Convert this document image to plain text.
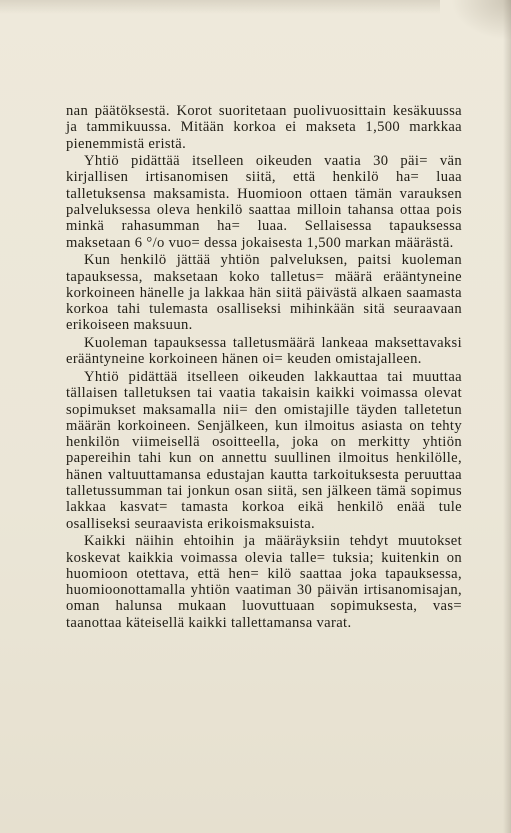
nan päätöksestä. Korot suoritetaan puolivuosittain kesäkuussa ja tammikuussa. Mitään korkoa ei makseta 1,500 markkaa pienemmistä eristä.

Yhtiö pidättää itselleen oikeuden vaatia 30 päi= vän kirjallisen irtisanomisen siitä, että henkilö ha= luaa talletuksensa maksamista. Huomioon ottaen tämän varauksen palveluksessa oleva henkilö saattaa milloin tahansa ottaa pois minkä rahasumman ha= luaa. Sellaisessa tapauksessa maksetaan 6 °/o vuo= dessa jokaisesta 1,500 markan määrästä.

Kun henkilö jättää yhtiön palveluksen, paitsi kuoleman tapauksessa, maksetaan koko talletus= määrä erääntyneine korkoineen hänelle ja lakkaa hän siitä päivästä alkaen saamasta korkoa tahi tulemasta osalliseksi mihinkään sitä seuraavaan erikoiseen maksuun.

Kuoleman tapauksessa talletusmäärä lankeaa maksettavaksi erääntyneine korkoineen hänen oi= keuden omistajalleen.

Yhtiö pidättää itselleen oikeuden lakkauttaa tai muuttaa tällaisen talletuksen tai vaatia takaisin kaikki voimassa olevat sopimukset maksamalla nii= den omistajille täyden talletetun määrän korkoineen. Senjälkeen, kun ilmoitus asiasta on tehty henkilön viimeisellä osoitteella, joka on merkitty yhtiön papereihin tahi kun on annettu suullinen ilmoitus henkilölle, hänen valtuuttamansa edustajan kautta tarkoituksesta peruuttaa talletussumman tai jonkun osan siitä, sen jälkeen tämä sopimus lakkaa kasvat= tamasta korkoa eikä henkilö enää tule osalliseksi seuraavista erikoismaksuista.

Kaikki näihin ehtoihin ja määräyksiin tehdyt muutokset koskevat kaikkia voimassa olevia talle= tuksia; kuitenkin on huomioon otettava, että hen= kilö saattaa joka tapauksessa, huomioonottamalla yhtiön vaatiman 30 päivän irtisanomisajan, oman halunsa mukaan luovuttuaan sopimuksesta, vas= taanottaa käteisellä kaikki tallettamansa varat.
